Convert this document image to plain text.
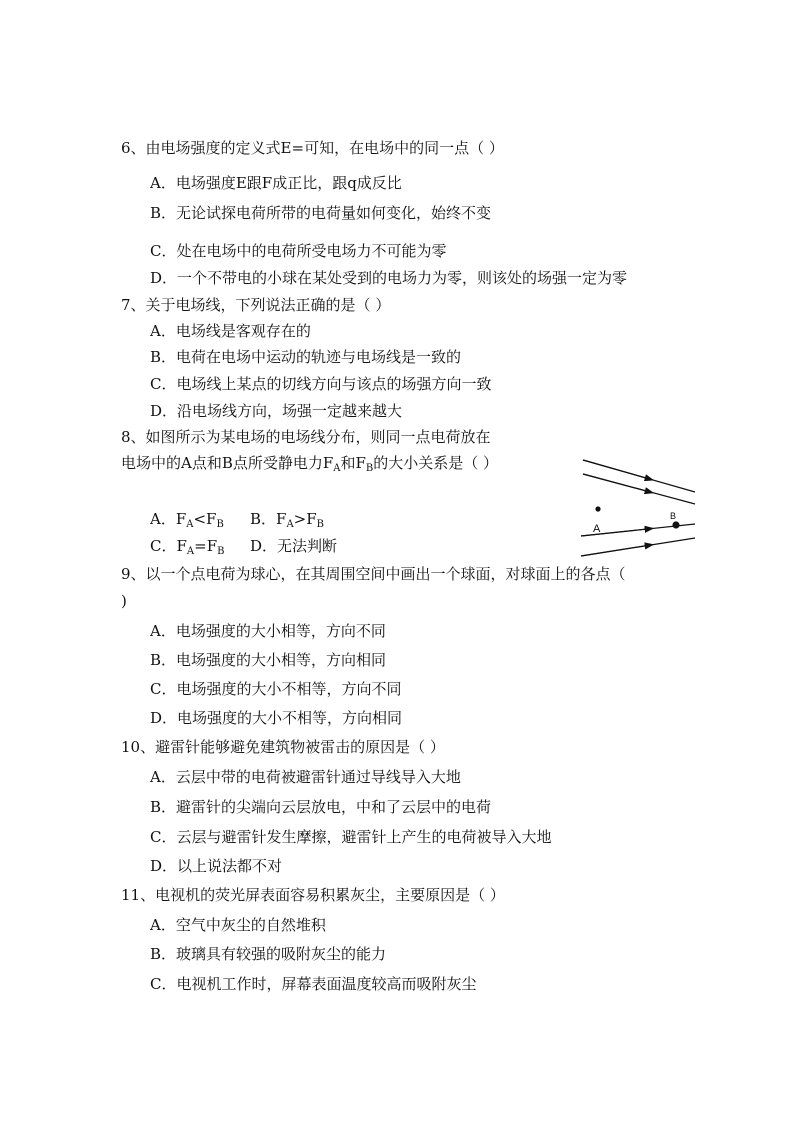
6、由电场强度的定义式E=可知，在电场中的同一点（ ）
A．电场强度E跟F成正比，跟q成反比
B．无论试探电荷所带的电荷量如何变化，始终不变
C．处在电场中的电荷所受电场力不可能为零
D．一个不带电的小球在某处受到的电场力为零，则该处的场强一定为零
7、关于电场线，下列说法正确的是（ ）
A．电场线是客观存在的
B．电荷在电场中运动的轨迹与电场线是一致的
C．电场线上某点的切线方向与该点的场强方向一致
D．沿电场线方向，场强一定越来越大
8、如图所示为某电场的电场线分布，则同一点电荷放在
电场中的A点和B点所受静电力$F_A$和$F_B$的大小关系是（ ）
A．$F_A<F_B$ B．$F_A>F_B$
C．$F_A=F_B$ D．无法判断
A
B
9、以一个点电荷为球心，在其周围空间中画出一个球面，对球面上的各点（
)
A．电场强度的大小相等，方向不同
B．电场强度的大小相等，方向相同
C．电场强度的大小不相等，方向不同
D．电场强度的大小不相等，方向相同
10、避雷针能够避免建筑物被雷击的原因是（ ）
A．云层中带的电荷被避雷针通过导线导入大地
B．避雷针的尖端向云层放电，中和了云层中的电荷
C．云层与避雷针发生摩擦，避雷针上产生的电荷被导入大地
D．以上说法都不对
11、电视机的荧光屏表面容易积累灰尘，主要原因是（ ）
A．空气中灰尘的自然堆积
B．玻璃具有较强的吸附灰尘的能力
C．电视机工作时，屏幕表面温度较高而吸附灰尘
